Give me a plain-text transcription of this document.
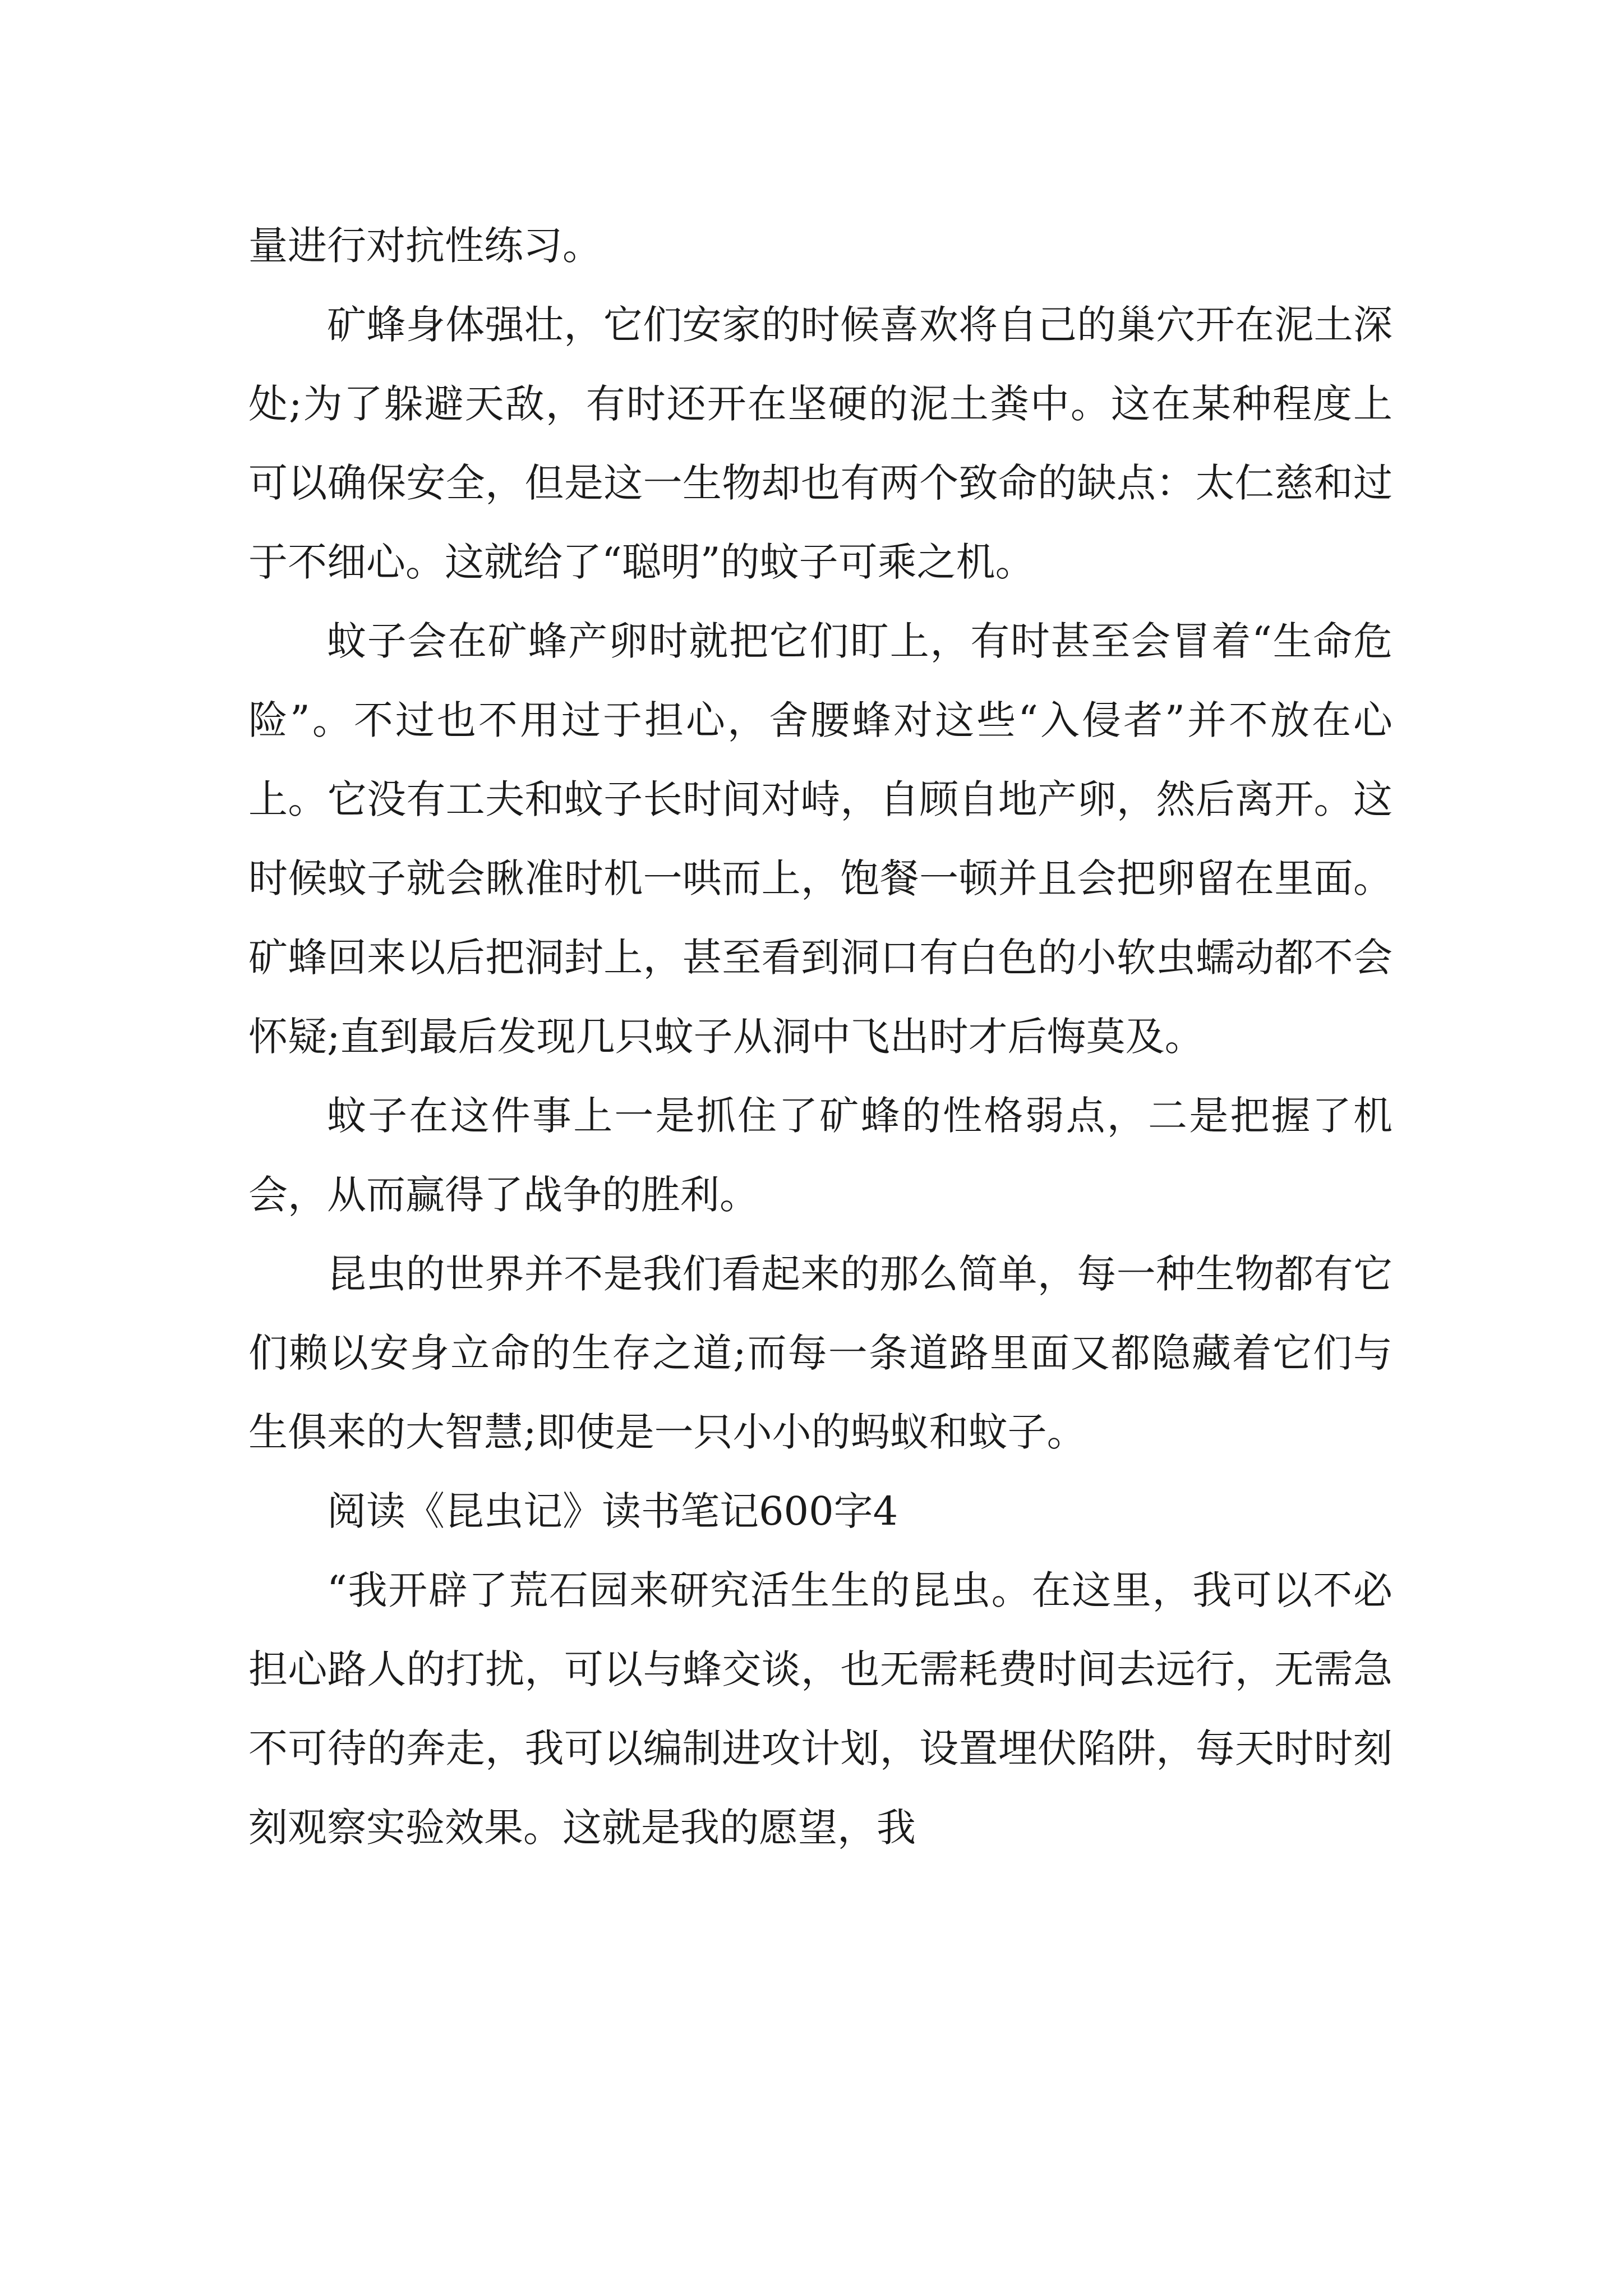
量进行对抗性练习。

矿蜂身体强壮，它们安家的时候喜欢将自己的巢穴开在泥土深处;为了躲避天敌，有时还开在坚硬的泥土粪中。这在某种程度上可以确保安全，但是这一生物却也有两个致命的缺点：太仁慈和过于不细心。这就给了“聪明”的蚊子可乘之机。

蚊子会在矿蜂产卵时就把它们盯上，有时甚至会冒着“生命危险”。不过也不用过于担心，舍腰蜂对这些“入侵者”并不放在心上。它没有工夫和蚊子长时间对峙，自顾自地产卵，然后离开。这时候蚊子就会瞅准时机一哄而上，饱餐一顿并且会把卵留在里面。矿蜂回来以后把洞封上，甚至看到洞口有白色的小软虫蠕动都不会怀疑;直到最后发现几只蚊子从洞中飞出时才后悔莫及。

蚊子在这件事上一是抓住了矿蜂的性格弱点，二是把握了机会，从而赢得了战争的胜利。

昆虫的世界并不是我们看起来的那么简单，每一种生物都有它们赖以安身立命的生存之道;而每一条道路里面又都隐藏着它们与生俱来的大智慧;即使是一只小小的蚂蚁和蚊子。

阅读《昆虫记》读书笔记600字4

“我开辟了荒石园来研究活生生的昆虫。在这里，我可以不必担心路人的打扰，可以与蜂交谈，也无需耗费时间去远行，无需急不可待的奔走，我可以编制进攻计划，设置埋伏陷阱，每天时时刻刻观察实验效果。这就是我的愿望，我
